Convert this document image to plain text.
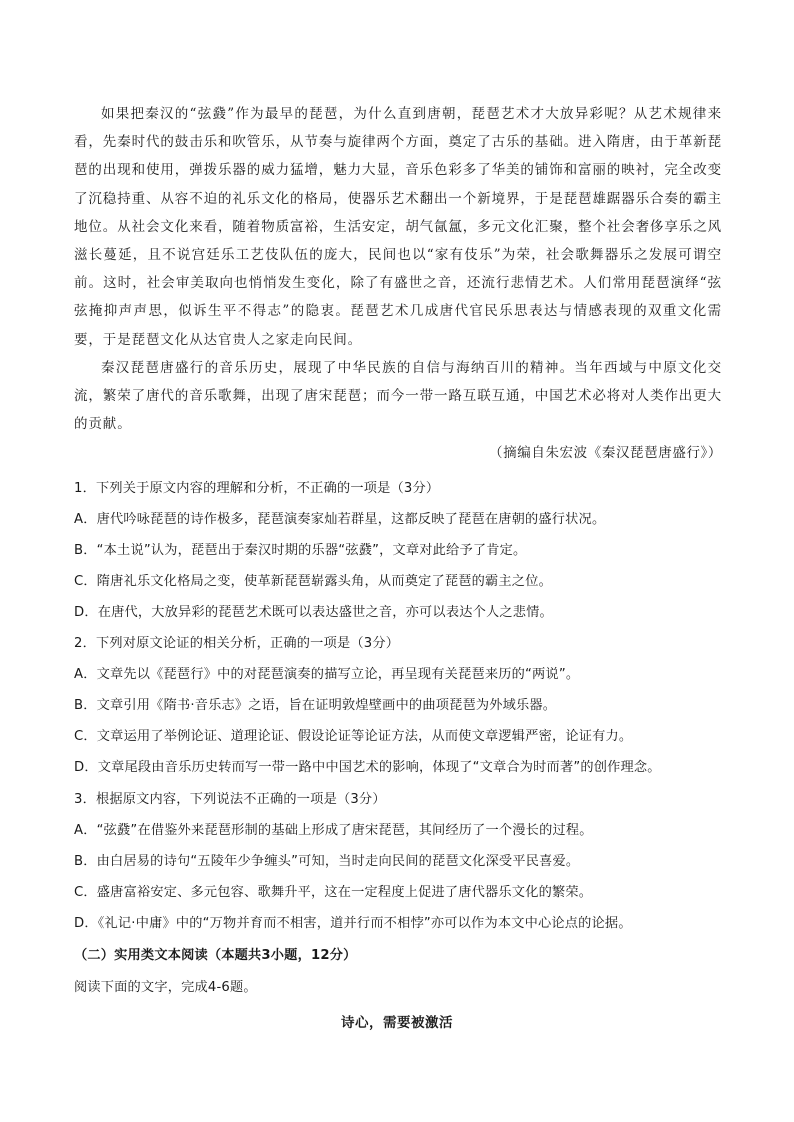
如果把秦汉的“弦鼗”作为最早的琵琶，为什么直到唐朝，琵琶艺术才大放异彩呢？从艺术规律来看，先秦时代的鼓击乐和吹管乐，从节奏与旋律两个方面，奠定了古乐的基础。进入隋唐，由于革新琵琶的出现和使用，弹拨乐器的威力猛增，魅力大显，音乐色彩多了华美的铺饰和富丽的映衬，完全改变了沉稳持重、从容不迫的礼乐文化的格局，使器乐艺术翻出一个新境界，于是琵琶雄踞器乐合奏的霸主地位。从社会文化来看，随着物质富裕，生活安定，胡气氤氲，多元文化汇聚，整个社会奢侈享乐之风滋长蔓延，且不说宫廷乐工艺伎队伍的庞大，民间也以“家有伎乐”为荣，社会歌舞器乐之发展可谓空前。这时，社会审美取向也悄悄发生变化，除了有盛世之音，还流行悲情艺术。人们常用琵琶演绎“弦弦掩抑声声思，似诉生平不得志”的隐衷。琵琶艺术几成唐代官民乐思表达与情感表现的双重文化需要，于是琵琶文化从达官贵人之家走向民间。

秦汉琵琶唐盛行的音乐历史，展现了中华民族的自信与海纳百川的精神。当年西域与中原文化交流，繁荣了唐代的音乐歌舞，出现了唐宋琵琶；而今一带一路互联互通，中国艺术必将对人类作出更大的贡献。

（摘编自朱宏波《秦汉琵琶唐盛行》）
1．下列关于原文内容的理解和分析，不正确的一项是（3分）
A．唐代吟咏琵琶的诗作极多，琵琶演奏家灿若群星，这都反映了琵琶在唐朝的盛行状况。
B．“本土说”认为，琵琶出于秦汉时期的乐器“弦鼗”，文章对此给予了肯定。
C．隋唐礼乐文化格局之变，使革新琵琶崭露头角，从而奠定了琵琶的霸主之位。
D．在唐代，大放异彩的琵琶艺术既可以表达盛世之音，亦可以表达个人之悲情。
2．下列对原文论证的相关分析，正确的一项是（3分）
A．文章先以《琵琶行》中的对琵琶演奏的描写立论，再呈现有关琵琶来历的“两说”。
B．文章引用《隋书·音乐志》之语，旨在证明敦煌壁画中的曲项琵琶为外域乐器。
C．文章运用了举例论证、道理论证、假设论证等论证方法，从而使文章逻辑严密，论证有力。
D．文章尾段由音乐历史转而写一带一路中中国艺术的影响，体现了“文章合为时而著”的创作理念。
3．根据原文内容，下列说法不正确的一项是（3分）
A．“弦鼗”在借鉴外来琵琶形制的基础上形成了唐宋琵琶，其间经历了一个漫长的过程。
B．由白居易的诗句“五陵年少争缠头”可知，当时走向民间的琵琶文化深受平民喜爱。
C．盛唐富裕安定、多元包容、歌舞升平，这在一定程度上促进了唐代器乐文化的繁荣。
D．《礼记·中庸》中的“万物并育而不相害，道并行而不相悖”亦可以作为本文中心论点的论据。
（二）实用类文本阅读（本题共3小题，12分）
阅读下面的文字，完成4-6题。
诗心，需要被激活
